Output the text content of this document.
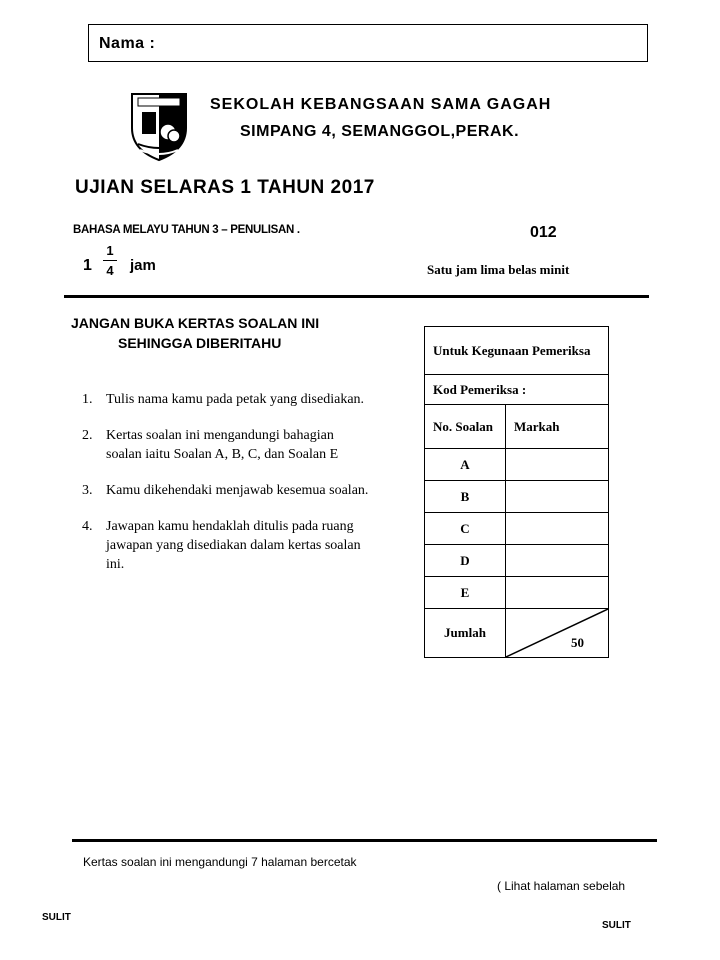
Nama :
SEKOLAH KEBANGSAAN SAMA GAGAH
SIMPANG 4, SEMANGGOL,PERAK.
UJIAN SELARAS 1 TAHUN 2017
BAHASA MELAYU TAHUN 3 – PENULISAN .	012
$1 \frac{1}{4}$ jam	Satu jam lima belas minit
JANGAN BUKA KERTAS SOALAN INI
SEHINGGA DIBERITAHU
1. Tulis nama kamu pada petak yang disediakan.
2. Kertas soalan ini mengandungi bahagian soalan iaitu Soalan A, B, C, dan Soalan E
3. Kamu dikehendaki menjawab kesemua soalan.
4. Jawapan kamu hendaklah ditulis pada ruang jawapan yang disediakan dalam kertas soalan ini.
Untuk Kegunaan Pemeriksa	
Kod Pemeriksa :	
No. Soalan	Markah
A	
B	
C	
D	
E	
Jumlah	50
Kertas soalan ini mengandungi 7 halaman bercetak
( Lihat halaman sebelah
SULIT
SULIT
